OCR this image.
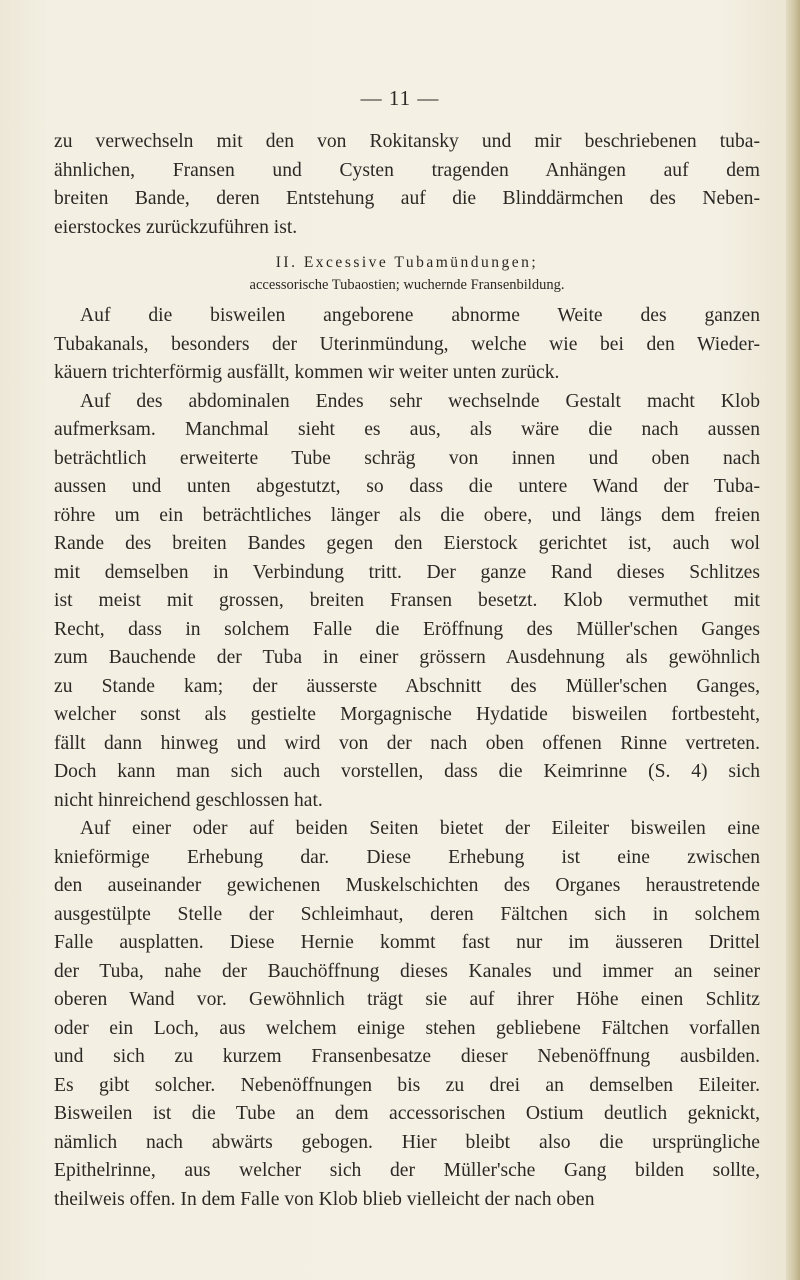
— 11 —

zu verwechseln mit den von Rokitansky und mir beschriebenen tuba-
ähnlichen, Fransen und Cysten tragenden Anhängen auf dem
breiten Bande, deren Entstehung auf die Blinddärmchen des Neben-
eierstockes zurückzuführen ist.

II. Excessive Tubamündungen;
accessorische Tubaostien; wuchernde Fransenbildung.

Auf die bisweilen angeborene abnorme Weite des ganzen
Tubakanals, besonders der Uterinmündung, welche wie bei den Wieder-
käuern trichterförmig ausfällt, kommen wir weiter unten zurück.

Auf des abdominalen Endes sehr wechselnde Gestalt macht Klob
aufmerksam. Manchmal sieht es aus, als wäre die nach aussen
beträchtlich erweiterte Tube schräg von innen und oben nach
aussen und unten abgestutzt, so dass die untere Wand der Tuba-
röhre um ein beträchtliches länger als die obere, und längs dem freien
Rande des breiten Bandes gegen den Eierstock gerichtet ist, auch wol
mit demselben in Verbindung tritt. Der ganze Rand dieses Schlitzes
ist meist mit grossen, breiten Fransen besetzt. Klob vermuthet mit
Recht, dass in solchem Falle die Eröffnung des Müller'schen Ganges
zum Bauchende der Tuba in einer grössern Ausdehnung als gewöhnlich
zu Stande kam; der äusserste Abschnitt des Müller'schen Ganges,
welcher sonst als gestielte Morgagnische Hydatide bisweilen fortbesteht,
fällt dann hinweg und wird von der nach oben offenen Rinne vertreten.
Doch kann man sich auch vorstellen, dass die Keimrinne (S. 4) sich
nicht hinreichend geschlossen hat.

Auf einer oder auf beiden Seiten bietet der Eileiter bisweilen eine
knieförmige Erhebung dar. Diese Erhebung ist eine zwischen
den auseinander gewichenen Muskelschichten des Organes heraustretende
ausgestülpte Stelle der Schleimhaut, deren Fältchen sich in solchem
Falle ausplatten. Diese Hernie kommt fast nur im äusseren Drittel
der Tuba, nahe der Bauchöffnung dieses Kanales und immer an seiner
oberen Wand vor. Gewöhnlich trägt sie auf ihrer Höhe einen Schlitz
oder ein Loch, aus welchem einige stehen gebliebene Fältchen vorfallen
und sich zu kurzem Fransenbesatze dieser Nebenöffnung ausbilden.
Es gibt solcher. Nebenöffnungen bis zu drei an demselben Eileiter.
Bisweilen ist die Tube an dem accessorischen Ostium deutlich geknickt,
nämlich nach abwärts gebogen. Hier bleibt also die ursprüngliche
Epithelrinne, aus welcher sich der Müller'sche Gang bilden sollte,
theilweis offen. In dem Falle von Klob blieb vielleicht der nach oben
